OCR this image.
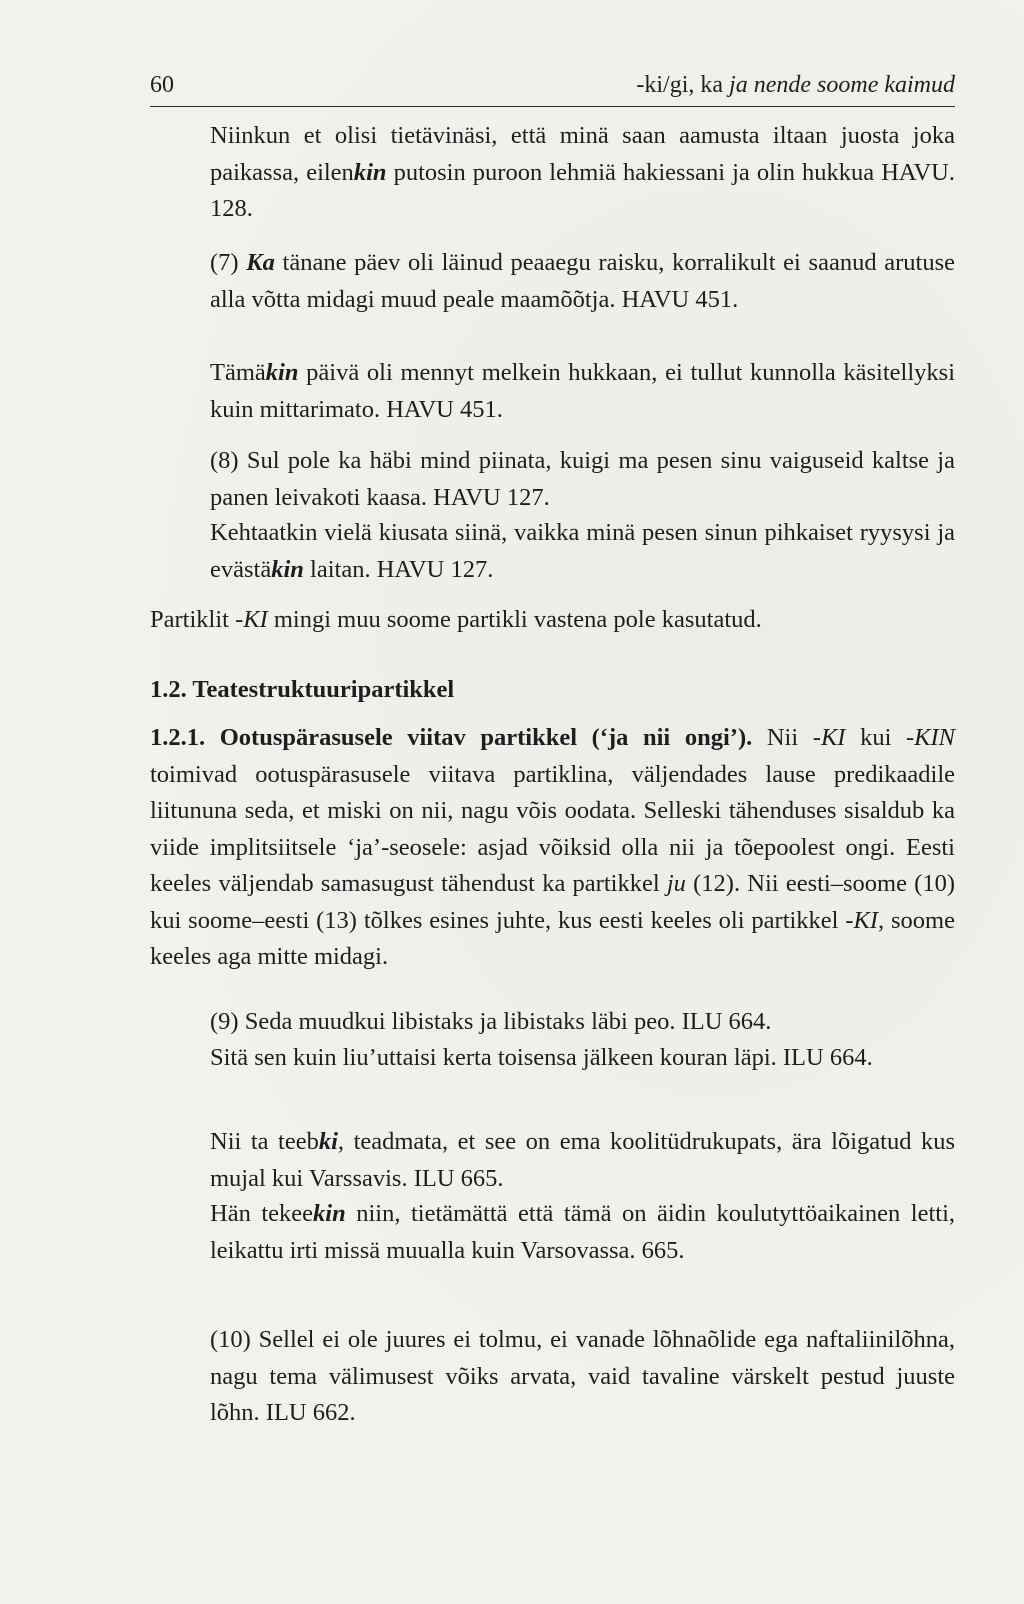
60	-ki/gi, ka ja nende soome kaimud

Niinkun et olisi tietävinäsi, että minä saan aamusta iltaan juosta joka paikassa, eilenkin putosin puroon lehmiä hakiessani ja olin hukkua HAVU. 128.

(7) Ka tänane päev oli läinud peaaegu raisku, korralikult ei saanud arutuse alla võtta midagi muud peale maamõõtja. HAVU 451.

Tämäkin päivä oli mennyt melkein hukkaan, ei tullut kunnolla käsitellyksi kuin mittarimato. HAVU 451.

(8) Sul pole ka häbi mind piinata, kuigi ma pesen sinu vaiguseid kaltse ja panen leivakoti kaasa. HAVU 127.

Kehtaatkin vielä kiusata siinä, vaikka minä pesen sinun pihkaiset ryysysi ja evästäkin laitan. HAVU 127.

Partiklit -KI mingi muu soome partikli vastena pole kasutatud.

1.2. Teatestruktuuripartikkel

1.2.1. Ootuspärasusele viitav partikkel (‘ja nii ongi’). Nii -KI kui -KIN toimivad ootuspärasusele viitava partiklina, väljendades lause predikaadile liitununa seda, et miski on nii, nagu võis oodata. Selleski tähenduses sisaldub ka viide implitsiitsele ‘ja’-seosele: asjad võiksid olla nii ja tõepoolest ongi. Eesti keeles väljendab samasugust tähendust ka partikkel ju (12). Nii eesti–soome (10) kui soome–eesti (13) tõlkes esines juhte, kus eesti keeles oli partikkel -KI, soome keeles aga mitte midagi.

(9) Seda muudkui libistaks ja libistaks läbi peo. ILU 664.

Sitä sen kuin liu’uttaisi kerta toisensa jälkeen kouran läpi. ILU 664.

Nii ta teebki, teadmata, et see on ema koolitüdrukupats, ära lõigatud kus mujal kui Varssavis. ILU 665.

Hän tekeekin niin, tietämättä että tämä on äidin koulutyttöaikainen letti, leikattu irti missä muualla kuin Varsovassa. 665.

(10) Sellel ei ole juures ei tolmu, ei vanade lõhnaõlide ega naftaliinilõhna, nagu tema välimusest võiks arvata, vaid tavaline värskelt pestud juuste lõhn. ILU 662.
